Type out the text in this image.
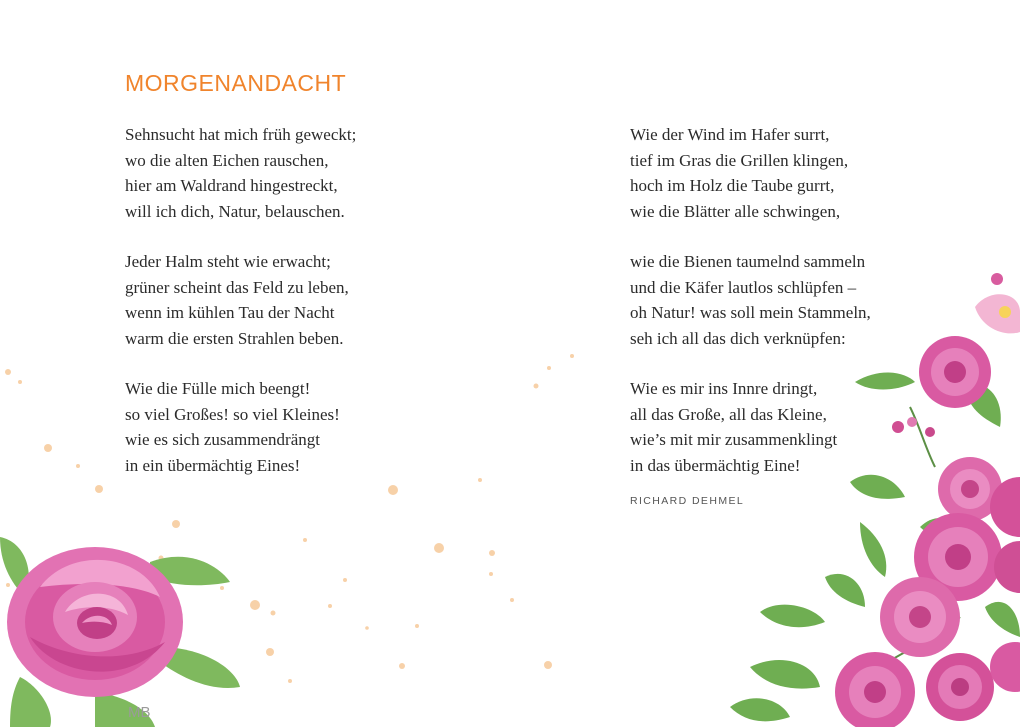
MB
MORGENANDACHT
Sehnsucht hat mich früh geweckt;
wo die alten Eichen rauschen,
hier am Waldrand hingestreckt,
will ich dich, Natur, belauschen.
Jeder Halm steht wie erwacht;
grüner scheint das Feld zu leben,
wenn im kühlen Tau der Nacht
warm die ersten Strahlen beben.
Wie die Fülle mich beengt!
so viel Großes! so viel Kleines!
wie es sich zusammendrängt
in ein übermächtig Eines!
Wie der Wind im Hafer surrt,
tief im Gras die Grillen klingen,
hoch im Holz die Taube gurrt,
wie die Blätter alle schwingen,
wie die Bienen taumelnd sammeln
und die Käfer lautlos schlüpfen –
oh Natur! was soll mein Stammeln,
seh ich all das dich verknüpfen:
Wie es mir ins Innre dringt,
all das Große, all das Kleine,
wie’s mit mir zusammenklingt
in das übermächtig Eine!
RICHARD DEHMEL
